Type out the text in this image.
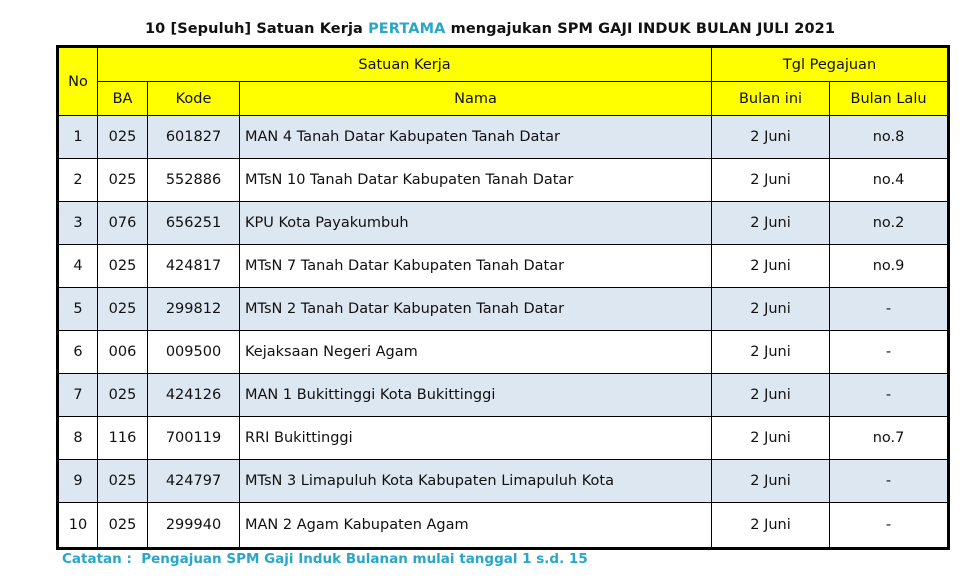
10 [Sepuluh] Satuan Kerja PERTAMA mengajukan SPM GAJI INDUK BULAN JULI 2021
No	Satuan Kerja			Tgl Pegajuan	
	BA	Kode	Nama	Bulan ini	Bulan Lalu
1	025	601827	MAN 4 Tanah Datar Kabupaten Tanah Datar	2 Juni	no.8
2	025	552886	MTsN 10 Tanah Datar Kabupaten Tanah Datar	2 Juni	no.4
3	076	656251	KPU Kota Payakumbuh	2 Juni	no.2
4	025	424817	MTsN 7 Tanah Datar Kabupaten Tanah Datar	2 Juni	no.9
5	025	299812	MTsN 2 Tanah Datar Kabupaten Tanah Datar	2 Juni	-
6	006	009500	Kejaksaan Negeri Agam	2 Juni	-
7	025	424126	MAN 1 Bukittinggi Kota Bukittinggi	2 Juni	-
8	116	700119	RRI Bukittinggi	2 Juni	no.7
9	025	424797	MTsN 3 Limapuluh Kota Kabupaten Limapuluh Kota	2 Juni	-
10	025	299940	MAN 2 Agam Kabupaten Agam	2 Juni	-
Catatan :  Pengajuan SPM Gaji Induk Bulanan mulai tanggal 1 s.d. 15
